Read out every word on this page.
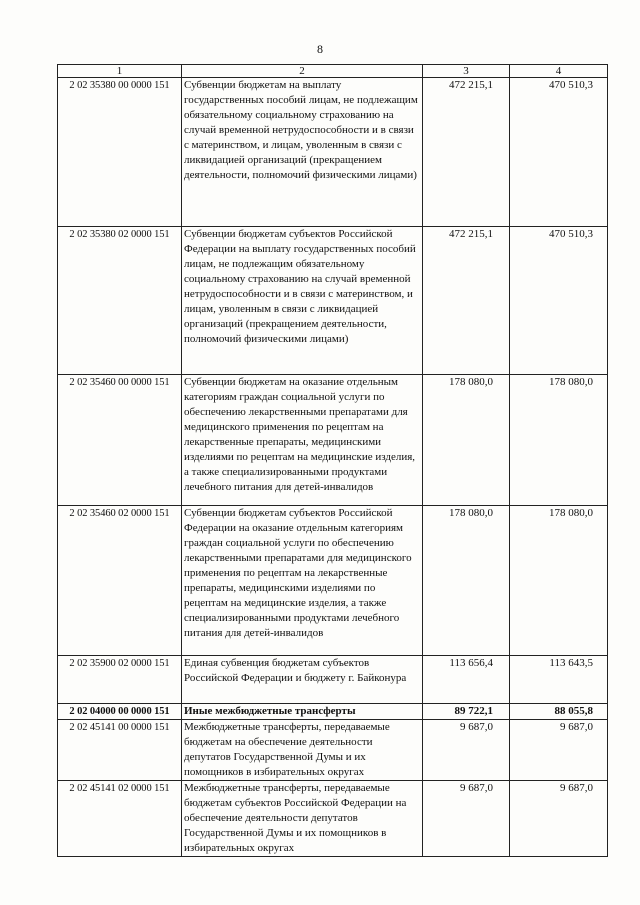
8
1	2	3	4
2 02 35380 00 0000 151	Субвенции бюджетам на выплату государственных пособий лицам, не подлежащим обязательному социальному страхованию на случай временной нетрудоспособности и в связи с материнством, и лицам, уволенным в связи с ликвидацией организаций (прекращением деятельности, полномочий физическими лицами)	472 215,1	470 510,3
2 02 35380 02 0000 151	Субвенции бюджетам субъектов Российской Федерации на выплату государственных пособий лицам, не подлежащим обязательному социальному страхованию на случай временной нетрудоспособности и в связи с материнством, и лицам, уволенным в связи с ликвидацией организаций (прекращением деятельности, полномочий физическими лицами)	472 215,1	470 510,3
2 02 35460 00 0000 151	Субвенции бюджетам на оказание отдельным категориям граждан социальной услуги по обеспечению лекарственными препаратами для медицинского применения по рецептам на лекарственные препараты, медицинскими изделиями по рецептам на медицинские изделия, а также специализированными продуктами лечебного питания для детей-инвалидов	178 080,0	178 080,0
2 02 35460 02 0000 151	Субвенции бюджетам субъектов Российской Федерации на оказание отдельным категориям граждан социальной услуги по обеспечению лекарственными препаратами для медицинского применения по рецептам на лекарственные препараты, медицинскими изделиями по рецептам на медицинские изделия, а также специализированными продуктами лечебного питания для детей-инвалидов	178 080,0	178 080,0
2 02 35900 02 0000 151	Единая субвенция бюджетам субъектов Российской Федерации и бюджету г. Байконура	113 656,4	113 643,5
2 02 04000 00 0000 151	Иные межбюджетные трансферты	89 722,1	88 055,8
2 02 45141 00 0000 151	Межбюджетные трансферты, передаваемые бюджетам на обеспечение деятельности депутатов Государственной Думы и их помощников в избирательных округах	9 687,0	9 687,0
2 02 45141 02 0000 151	Межбюджетные трансферты, передаваемые бюджетам субъектов Российской Федерации на обеспечение деятельности депутатов Государственной Думы и их помощников в избирательных округах	9 687,0	9 687,0
